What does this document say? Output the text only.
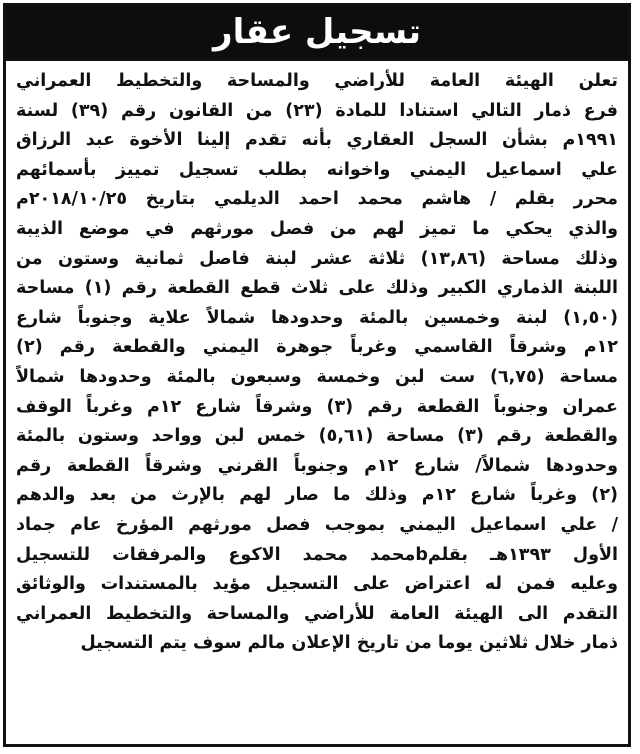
تسجيل عقار
تعلن الهيئة العامة للأراضي والمساحة والتخطيط العمراني
فرع ذمار التالي استنادا للمادة (٢٣) من القانون رقم (٣٩) لسنة
١٩٩١م بشأن السجل العقاري بأنه تقدم إلينا الأخوة عبد الرزاق
علي اسماعيل اليمني واخوانه بطلب تسجيل تمييز بأسمائهم
محرر بقلم / هاشم محمد احمد الديلمي بتاريخ ٢٠١٨/١٠/٢٥م
والذي يحكي ما تميز لهم من فصل مورثهم في موضع الذيبة
وذلك مساحة (١٣,٨٦) ثلاثة عشر لبنة فاصل ثمانية وستون من
اللبنة الذماري الكبير وذلك على ثلاث قطع القطعة رقم (١) مساحة
(١,٥٠) لبنة وخمسين بالمئة وحدودها شمالاً علاية وجنوباً شارع
١٢م وشرقاً القاسمي وغرباً جوهرة اليمني والقطعة رقم (٢)
مساحة (٦,٧٥) ست لبن وخمسة وسبعون بالمئة وحدودها شمالاً
عمران وجنوباً القطعة رقم (٣) وشرقاً شارع ١٢م وغرباً الوقف
والقطعة رقم (٣) مساحة (٥,٦١) خمس لبن وواحد وستون بالمئة
وحدودها شمالاً/ شارع ١٢م وجنوباً القرني وشرقاً القطعة رقم
(٢) وغرباً شارع ١٢م وذلك ما صار لهم بالإرث من بعد والدهم
/ علي اسماعيل اليمني بموجب فصل مورثهم المؤرخ عام جماد
الأول ١٣٩٣هـ بقلمbمحمد محمد الاكوع والمرفقات للتسجيل
وعليه فمن له اعتراض على التسجيل مؤيد بالمستندات والوثائق
التقدم الى الهيئة العامة للأراضي والمساحة والتخطيط العمراني
ذمار خلال ثلاثين يوما من تاريخ الإعلان مالم سوف يتم التسجيل
